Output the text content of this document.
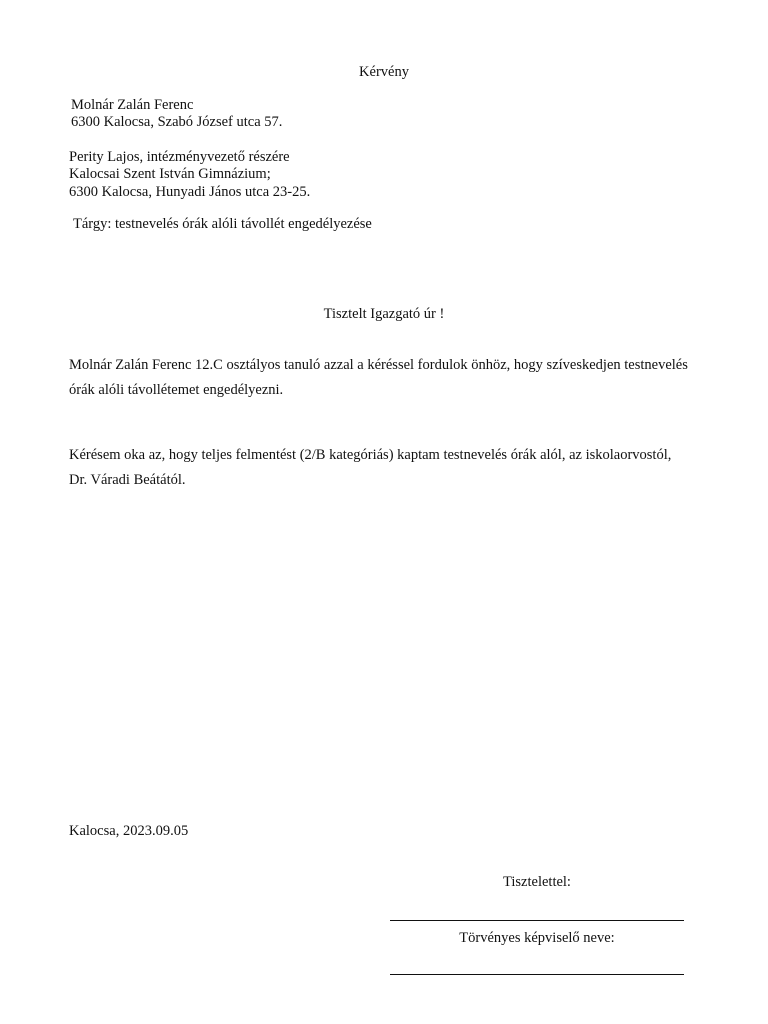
Kérvény
Molnár Zalán Ferenc
6300 Kalocsa, Szabó József utca 57.
Perity Lajos, intézményvezető részére
Kalocsai Szent István Gimnázium;
6300 Kalocsa, Hunyadi János utca 23-25.
Tárgy: testnevelés órák alóli távollét engedélyezése
Tisztelt Igazgató úr !
Molnár Zalán Ferenc 12.C osztályos tanuló azzal a kéréssel fordulok önhöz, hogy szíveskedjen testnevelés órák alóli távollétemet engedélyezni.
Kérésem oka az, hogy teljes felmentést (2/B kategóriás) kaptam testnevelés órák alól, az iskolaorvostól, Dr. Váradi Beátától.
Kalocsa, 2023.09.05
Tisztelettel:
Törvényes képviselő neve:
